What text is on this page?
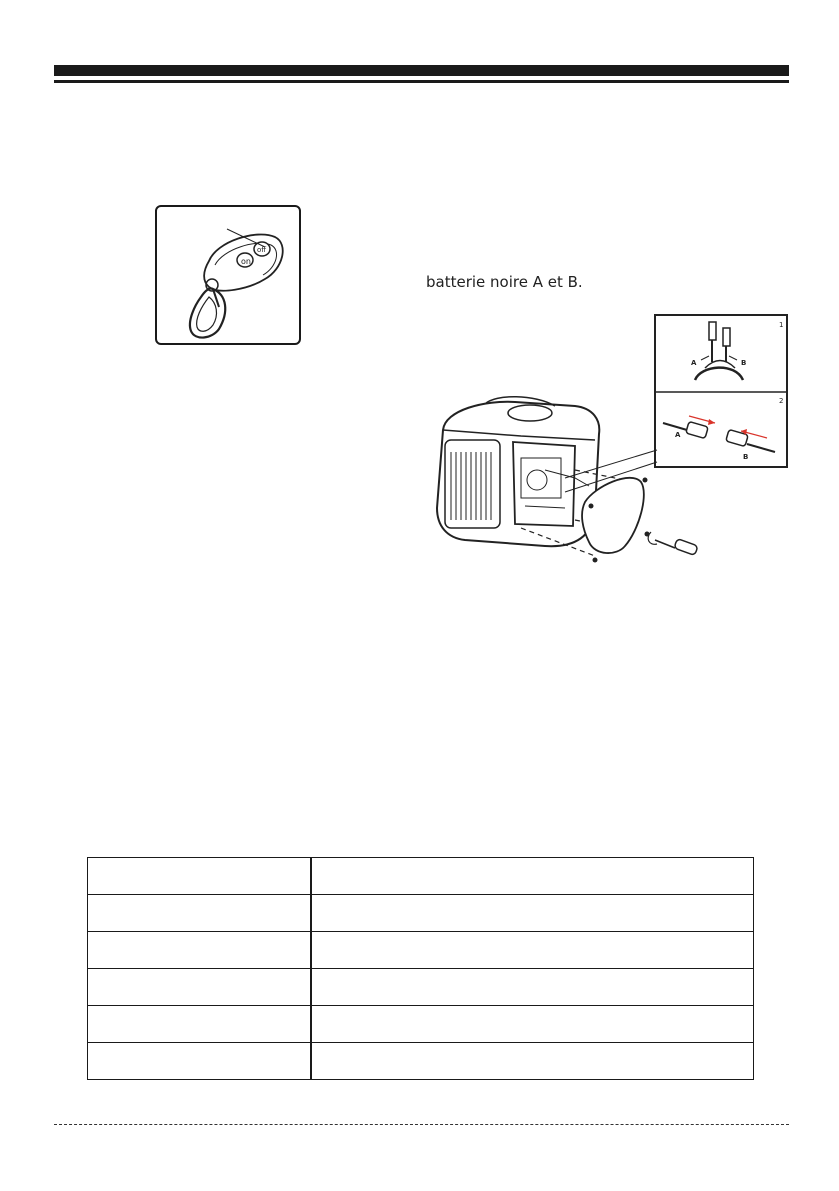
on
off
batterie noire A et B.
1
2
A	B
A
B
